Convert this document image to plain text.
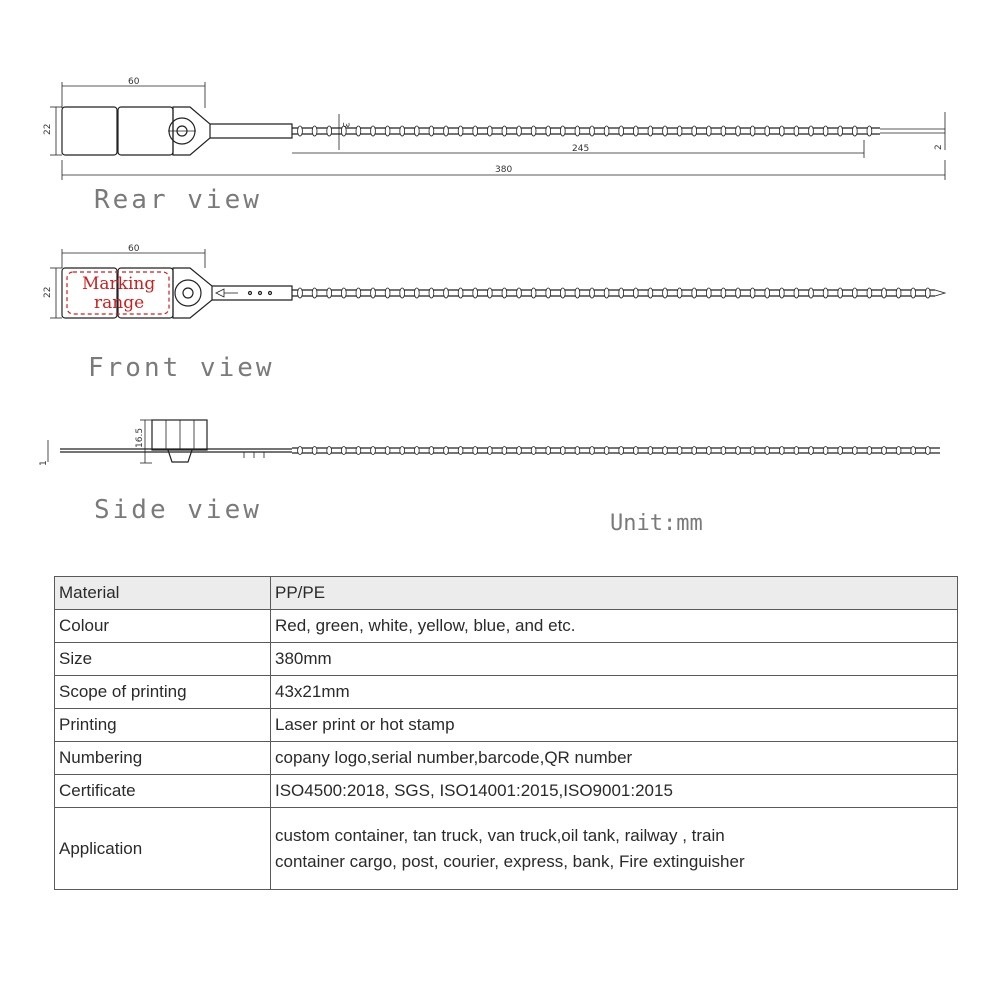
60
22	3
245
380
2
Rear view
60
22 Marking
range
Front view
16.5
1
Side view	Unit:mm
Material	PP/PE
Colour	Red, green, white, yellow, blue, and etc.
Size	380mm
Scope of printing	43x21mm
Printing	Laser print or hot stamp
Numbering	copany logo,serial number,barcode,QR number
Certificate	ISO4500:2018, SGS, ISO14001:2015,ISO9001:2015
Application	custom container, tan truck, van truck,oil tank, railway , train
container cargo, post, courier, express, bank, Fire extinguisher
